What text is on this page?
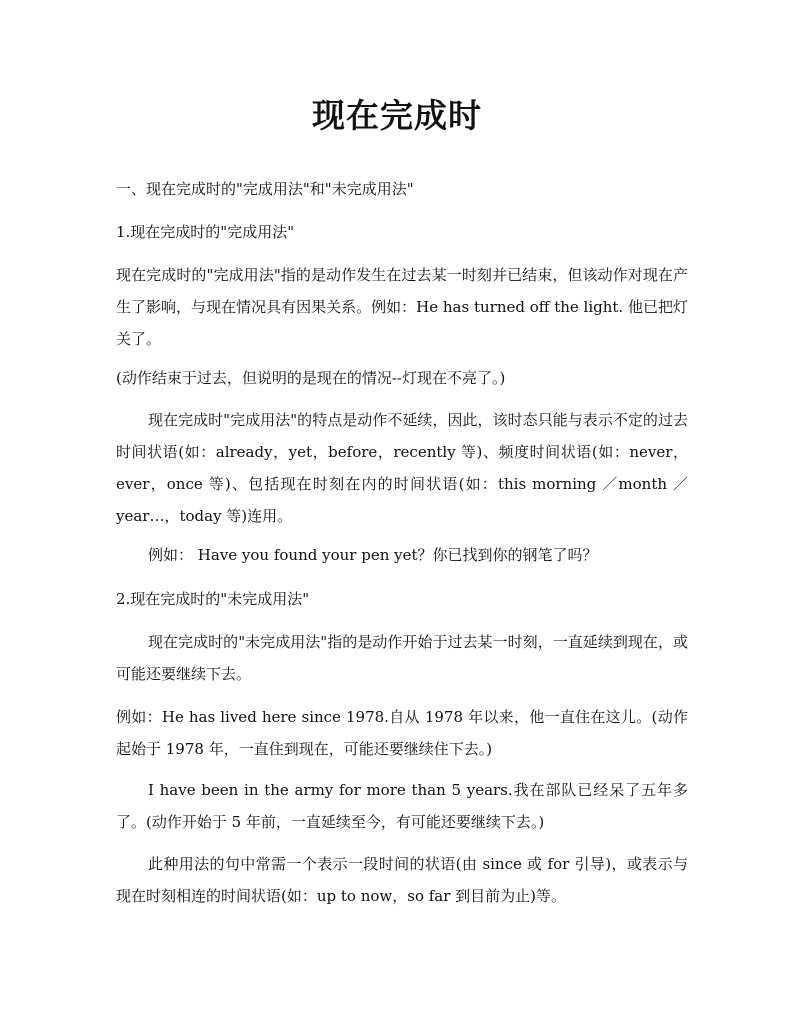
现在完成时
一、现在完成时的"完成用法"和"未完成用法"
1.现在完成时的"完成用法"
现在完成时的"完成用法"指的是动作发生在过去某一时刻并已结束，但该动作对现在产生了影响，与现在情况具有因果关系。例如：He has turned off the light. 他已把灯关了。
(动作结束于过去，但说明的是现在的情况--灯现在不亮了。)
现在完成时"完成用法"的特点是动作不延续，因此，该时态只能与表示不定的过去时间状语(如：already，yet，before，recently 等)、频度时间状语(如：never，ever，once 等)、包括现在时刻在内的时间状语(如：this morning ／month ／year…，today 等)连用。
例如： Have you found your pen yet？你已找到你的钢笔了吗？
2.现在完成时的"未完成用法"
现在完成时的"未完成用法"指的是动作开始于过去某一时刻，一直延续到现在，或可能还要继续下去。
例如：He has lived here since 1978.自从 1978 年以来，他一直住在这儿。(动作起始于 1978 年，一直住到现在，可能还要继续住下去。)
I have been in the army for more than 5 years.我在部队已经呆了五年多了。(动作开始于 5 年前，一直延续至今，有可能还要继续下去。)
此种用法的句中常需一个表示一段时间的状语(由 since 或 for 引导)，或表示与现在时刻相连的时间状语(如：up to now，so far 到目前为止)等。
